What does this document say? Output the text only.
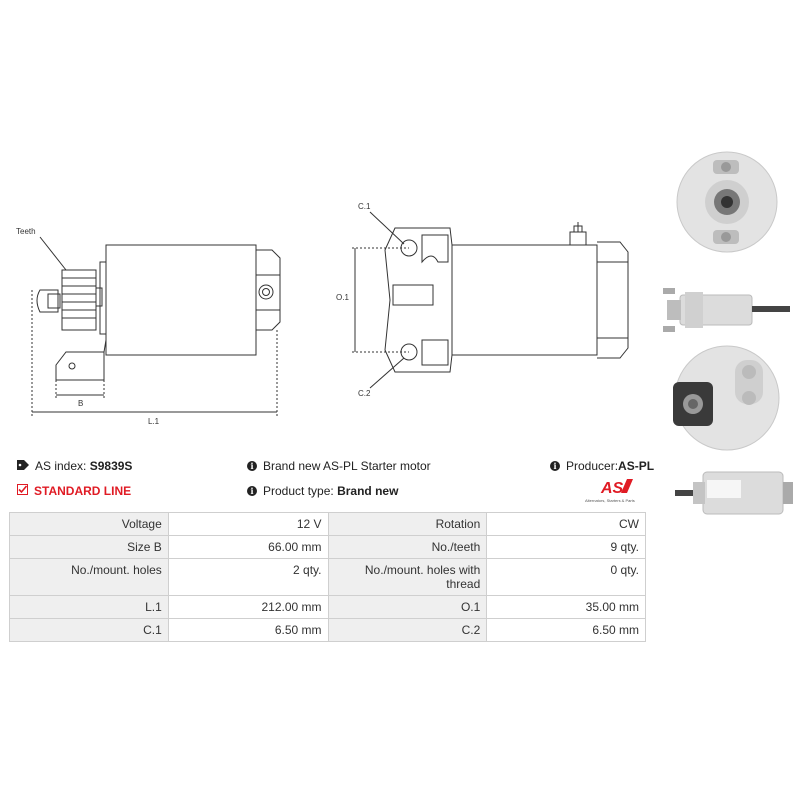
Teeth
B
L.1
C.1
C.2
O.1
AS index:
S9839S
STANDARD LINE
i Brand new AS-PL Starter motor
i Product type:
Brand new
i Producer: AS-PL
AS
Alternators, Starters & Parts
Voltage	12 V	Rotation	CW
Size B	66.00 mm	No./teeth	9 qty.
No./mount. holes	2 qty.	No./mount. holes with thread	0 qty.
L.1	212.00 mm	O.1	35.00 mm
C.1	6.50 mm	C.2	6.50 mm
